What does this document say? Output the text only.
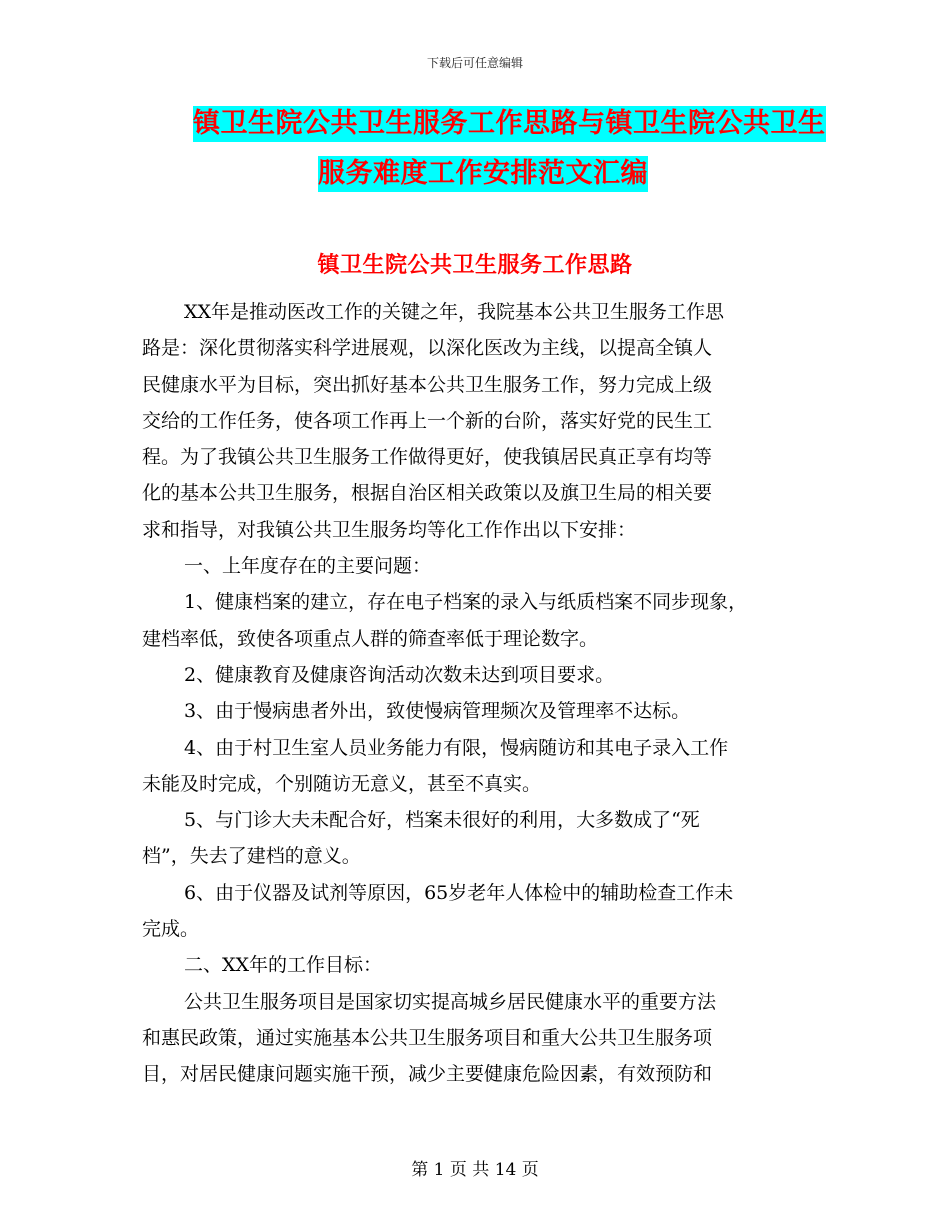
下载后可任意编辑
镇卫生院公共卫生服务工作思路与镇卫生院公共卫生
服务难度工作安排范文汇编
镇卫生院公共卫生服务工作思路
XX年是推动医改工作的关键之年，我院基本公共卫生服务工作思
路是：深化贯彻落实科学进展观，以深化医改为主线，以提高全镇人
民健康水平为目标，突出抓好基本公共卫生服务工作，努力完成上级
交给的工作任务，使各项工作再上一个新的台阶，落实好党的民生工
程。为了我镇公共卫生服务工作做得更好，使我镇居民真正享有均等
化的基本公共卫生服务，根据自治区相关政策以及旗卫生局的相关要
求和指导，对我镇公共卫生服务均等化工作作出以下安排：
一、上年度存在的主要问题：
1、健康档案的建立，存在电子档案的录入与纸质档案不同步现象，
建档率低，致使各项重点人群的筛查率低于理论数字。
2、健康教育及健康咨询活动次数未达到项目要求。
3、由于慢病患者外出，致使慢病管理频次及管理率不达标。
4、由于村卫生室人员业务能力有限，慢病随访和其电子录入工作
未能及时完成，个别随访无意义，甚至不真实。
5、与门诊大夫未配合好，档案未很好的利用，大多数成了“死
档”，失去了建档的意义。
6、由于仪器及试剂等原因，65岁老年人体检中的辅助检查工作未
完成。
二、XX年的工作目标：
公共卫生服务项目是国家切实提高城乡居民健康水平的重要方法
和惠民政策，通过实施基本公共卫生服务项目和重大公共卫生服务项
目，对居民健康问题实施干预，减少主要健康危险因素，有效预防和
第 1 页 共 14 页
